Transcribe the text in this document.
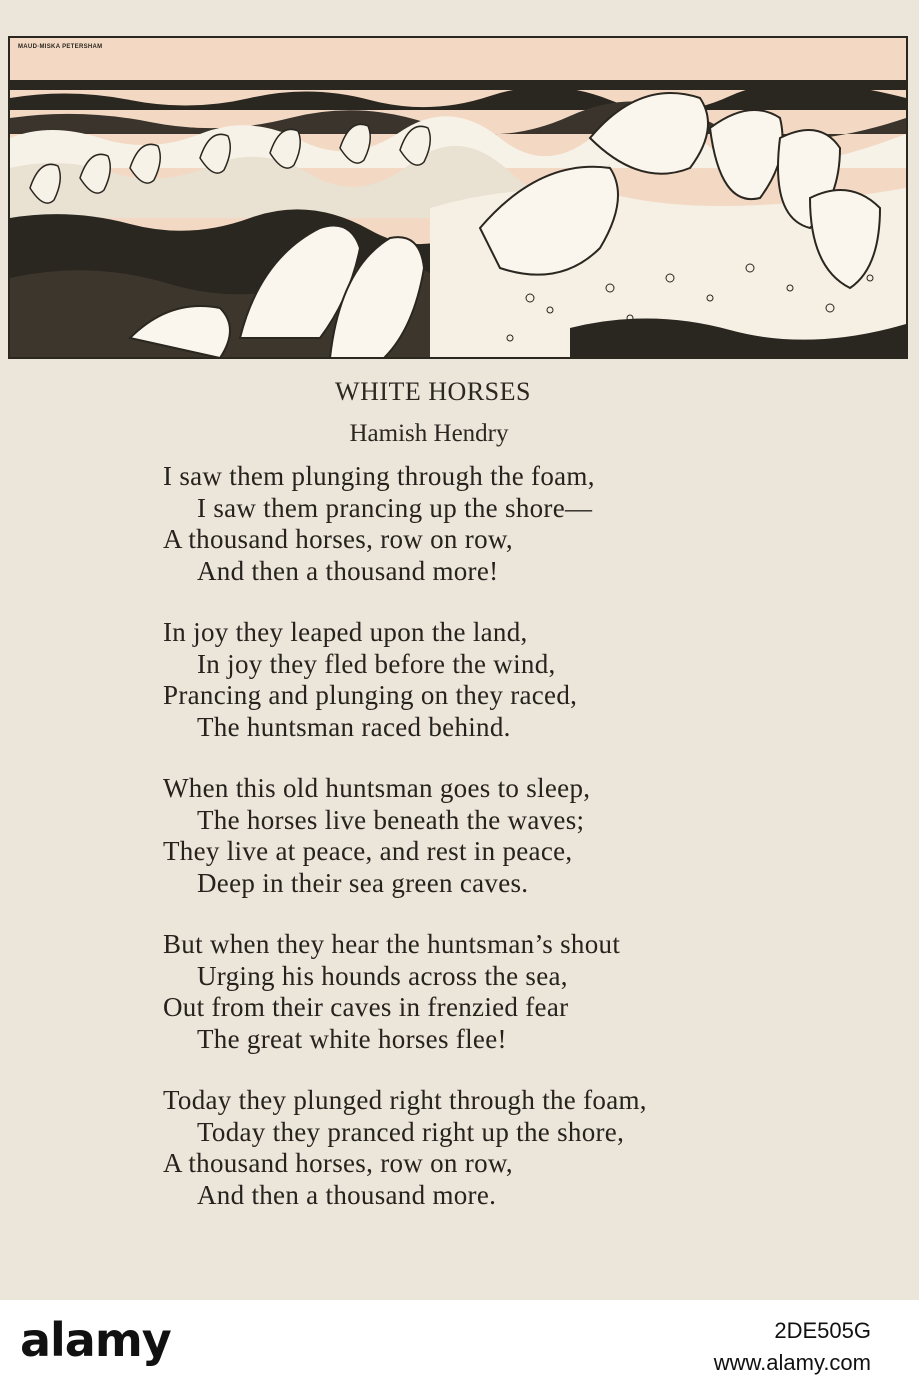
MAUD·MISKA PETERSHAM
WHITE HORSES
Hamish Hendry
I saw them plunging through the foam,
I saw them prancing up the shore—
A thousand horses, row on row,
And then a thousand more!
In joy they leaped upon the land,
In joy they fled before the wind,
Prancing and plunging on they raced,
The huntsman raced behind.
When this old huntsman goes to sleep,
The horses live beneath the waves;
They live at peace, and rest in peace,
Deep in their sea green caves.
But when they hear the huntsman’s shout
Urging his hounds across the sea,
Out from their caves in frenzied fear
The great white horses flee!
Today they plunged right through the foam,
Today they pranced right up the shore,
A thousand horses, row on row,
And then a thousand more.
alamy	2DE505G
www.alamy.com
